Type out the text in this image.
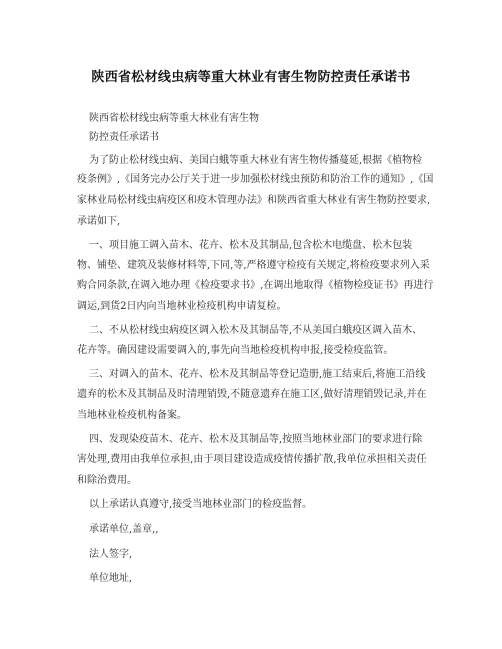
陕西省松材线虫病等重大林业有害生物防控责任承诺书
陕西省松材线虫病等重大林业有害生物
防控责任承诺书
为了防止松材线虫病、美国白蛾等重大林业有害生物传播蔓延,根据《植物检
疫条例》,《国务完办公厅关于进一步加强松材线虫预防和防治工作的通知》,《国
家林业局松材线虫病疫区和疫木管理办法》和陕西省重大林业有害生物防控要求,
承诺如下,
一、项目施工调入苗木、花卉、松木及其制品,包含松木电缆盘、松木包装
物、铺垫、建筑及装修材料等,下同,等,严格遵守检疫有关规定,将检疫要求列入采
购合同条款,在调入地办理《检疫要求书》,在调出地取得《植物检疫证书》再进行
调运,到货2日内向当地林业检疫机构申请复检。
二、不从松材线虫病疫区调入松木及其制品等,不从美国白蛾疫区调入苗木、
花卉等。确因建设需要调入的,事先向当地检疫机构申报,接受检疫监管。
三、对调入的苗木、花卉、松木及其制品等登记造册,施工结束后,将施工沿线
遗弃的松木及其制品及时清理销毁,不随意遗弃在施工区,做好清理销毁记录,并在
当地林业检疫机构备案。
四、发现染疫苗木、花卉、松木及其制品等,按照当地林业部门的要求进行除
害处理,费用由我单位承担,由于项目建设造成疫情传播扩散,我单位承担相关责任
和除治费用。
以上承诺认真遵守,接受当地林业部门的检疫监督。
承诺单位,盖章,,
法人签字,
单位地址,
